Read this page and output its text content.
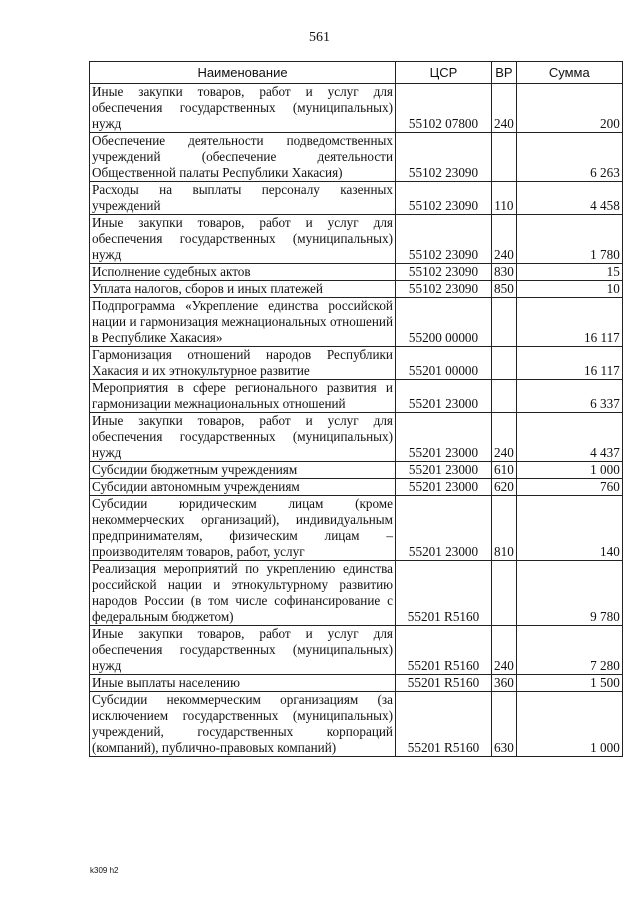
561
Наименование	ЦСР	ВР	Сумма
Иные закупки товаров, работ и услуг для обеспечения государственных (муниципальных) нужд	55102 07800	240	200
Обеспечение деятельности подведомственных учреждений (обеспечение деятельности Общественной палаты Республики Хакасия)	55102 23090		6 263
Расходы на выплаты персоналу казенных учреждений	55102 23090	110	4 458
Иные закупки товаров, работ и услуг для обеспечения государственных (муниципальных) нужд	55102 23090	240	1 780
Исполнение судебных актов	55102 23090	830	15
Уплата налогов, сборов и иных платежей	55102 23090	850	10
Подпрограмма «Укрепление единства российской нации и гармонизация межнациональных отношений в Республике Хакасия»	55200 00000		16 117
Гармонизация отношений народов Республики Хакасия и их этнокультурное развитие	55201 00000		16 117
Мероприятия в сфере регионального развития и гармонизации межнациональных отношений	55201 23000		6 337
Иные закупки товаров, работ и услуг для обеспечения государственных (муниципальных) нужд	55201 23000	240	4 437
Субсидии бюджетным учреждениям	55201 23000	610	1 000
Субсидии автономным учреждениям	55201 23000	620	760
Субсидии юридическим лицам (кроме некоммерческих организаций), индивидуальным предпринимателям, физическим лицам – производителям товаров, работ, услуг	55201 23000	810	140
Реализация мероприятий по укреплению единства российской нации и этнокультурному развитию народов России (в том числе софинансирование с федеральным бюджетом)	55201 R5160		9 780
Иные закупки товаров, работ и услуг для обеспечения государственных (муниципальных) нужд	55201 R5160	240	7 280
Иные выплаты населению	55201 R5160	360	1 500
Субсидии некоммерческим организациям (за исключением государственных (муниципальных) учреждений, государственных корпораций (компаний), публично-правовых компаний)	55201 R5160	630	1 000
k309 h2
